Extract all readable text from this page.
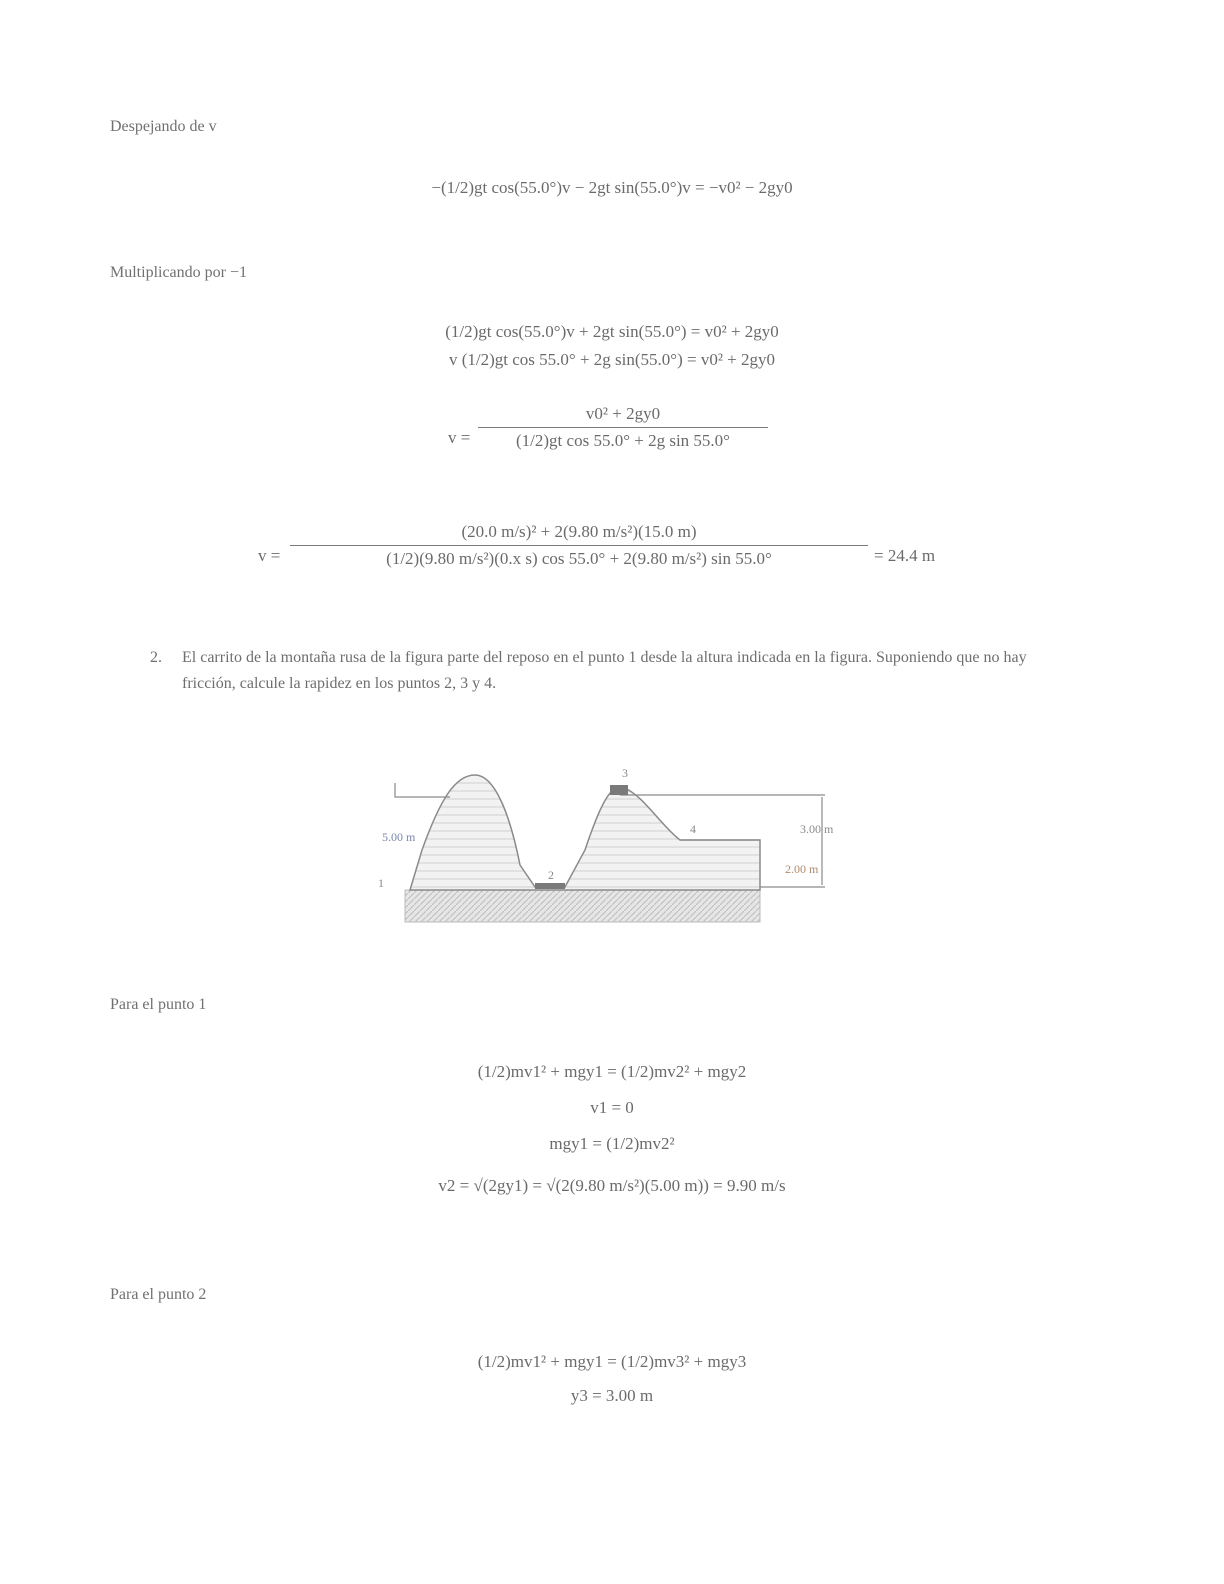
Despejando de v
−(1/2)gt cos(55.0°)v − 2gt sin(55.0°)v = −v0² − 2gy0
Multiplicando por −1
(1/2)gt cos(55.0°)v + 2gt sin(55.0°) = v0² + 2gy0
v (1/2)gt cos 55.0° + 2g sin(55.0°) = v0² + 2gy0
$v = \frac{\text{v0² + 2gy0}}{\text{(1/2)gt cos 55.0° + 2g sin 55.0°}}$
$v = \frac{\text{(20.0 m/s)² + 2(9.80 m/s²)(15.0 m)}}{\text{(1/2)(9.80 m/s²)(0.x s) cos 55.0° + 2(9.80 m/s²) sin 55.0°}} = 24.4$ m
2. El carrito de la montaña rusa de la figura parte del reposo en el punto 1 desde la altura indicada en la figura. Suponiendo que no hay fricción, calcule la rapidez en los puntos 2, 3 y 4.
1
2
3
4
5.00 m
3.00 m
2.00 m
Para el punto 1
(1/2)mv1² + mgy1 = (1/2)mv2² + mgy2
v1 = 0
mgy1 = (1/2)mv2²
v2 = √(2gy1) = √(2(9.80 m/s²)(5.00 m)) = 9.90 m/s
Para el punto 2
(1/2)mv1² + mgy1 = (1/2)mv3² + mgy3
y3 = 3.00 m
